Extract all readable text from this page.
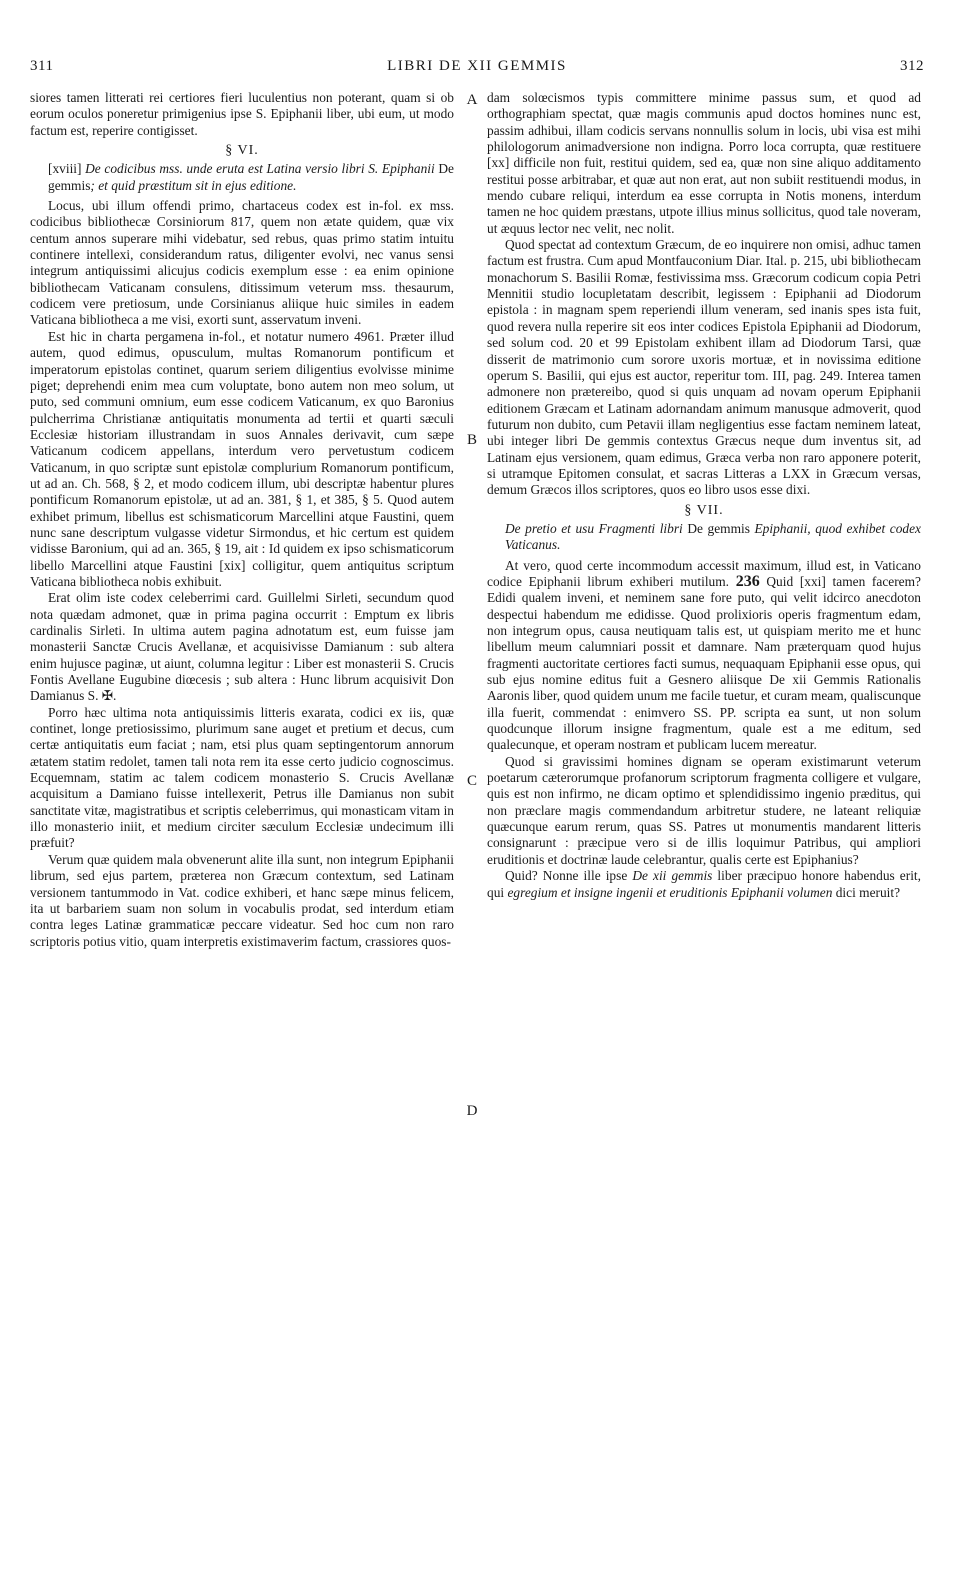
311	LIBRI DE XII GEMMIS	312

siores tamen litterati rei certiores fieri luculentius non poterant, quam si ob eorum oculos poneretur primigenius ipse S. Epiphanii liber, ubi eum, ut modo factum est, reperire contigisset.

§ VI.

[xviii] De codicibus mss. unde eruta est Latina versio libri S. Epiphanii De gemmis; et quid præstitum sit in ejus editione.

Locus, ubi illum offendi primo, chartaceus codex est in-fol. ex mss. codicibus bibliothecæ Corsiniorum 817, quem non ætate quidem, quæ vix centum annos superare mihi videbatur, sed rebus, quas primo statim intuitu continere intellexi, considerandum ratus, diligenter evolvi, nec vanus sensi integrum antiquissimi alicujus codicis exemplum esse : ea enim opinione bibliothecam Vaticanam consulens, ditissimum veterum mss. thesaurum, codicem vere pretiosum, unde Corsinianus aliique huic similes in eadem Vaticana bibliotheca a me visi, exorti sunt, asservatum inveni.

Est hic in charta pergamena in-fol., et notatur numero 4961. Præter illud autem, quod edimus, opusculum, multas Romanorum pontificum et imperatorum epistolas continet, quarum seriem diligentius evolvisse minime piget; deprehendi enim mea cum voluptate, bono autem non meo solum, ut puto, sed communi omnium, eum esse codicem Vaticanum, ex quo Baronius pulcherrima Christianæ antiquitatis monumenta ad tertii et quarti sæculi Ecclesiæ historiam illustrandam in suos Annales derivavit, cum sæpe Vaticanum codicem appellans, interdum vero pervetustum codicem Vaticanum, in quo scriptæ sunt epistolæ complurium Romanorum pontificum, ut ad an. Ch. 568, § 2, et modo codicem illum, ubi descriptæ habentur plures pontificum Romanorum epistolæ, ut ad an. 381, § 1, et 385, § 5. Quod autem exhibet primum, libellus est schismaticorum Marcellini atque Faustini, quem nunc sane descriptum vulgasse videtur Sirmondus, et hic certum est quidem vidisse Baronium, qui ad an. 365, § 19, ait : Id quidem ex ipso schismaticorum libello Marcellini atque Faustini [xix] colligitur, quem antiquitus scriptum Vaticana bibliotheca nobis exhibuit.

Erat olim iste codex celeberrimi card. Guillelmi Sirleti, secundum quod nota quædam admonet, quæ in prima pagina occurrit : Emptum ex libris cardinalis Sirleti. In ultima autem pagina adnotatum est, eum fuisse jam monasterii Sanctæ Crucis Avellanæ, et acquisivisse Damianum : sub altera enim hujusce paginæ, ut aiunt, columna legitur : Liber est monasterii S. Crucis Fontis Avellane Eugubine diœcesis ; sub altera : Hunc librum acquisivit Don Damianus S. ✠.

Porro hæc ultima nota antiquissimis litteris exarata, codici ex iis, quæ continet, longe pretiosissimo, plurimum sane auget et pretium et decus, cum certæ antiquitatis eum faciat ; nam, etsi plus quam septingentorum annorum ætatem statim redolet, tamen tali nota rem ita esse certo judicio cognoscimus. Ecquemnam, statim ac talem codicem monasterio S. Crucis Avellanæ acquisitum a Damiano fuisse intellexerit, Petrus ille Damianus non subit sanctitate vitæ, magistratibus et scriptis celeberrimus, qui monasticam vitam in illo monasterio iniit, et medium circiter sæculum Ecclesiæ undecimum illi præfuit?

Verum quæ quidem mala obvenerunt alite illa sunt, non integrum Epiphanii librum, sed ejus partem, præterea non Græcum contextum, sed Latinam versionem tantummodo in Vat. codice exhiberi, et hanc sæpe minus felicem, ita ut barbariem suam non solum in vocabulis prodat, sed interdum etiam contra leges Latinæ grammaticæ peccare videatur. Sed hoc cum non raro scriptoris potius vitio, quam interpretis existimaverim factum, crassiores quos-

A
B
C
D

dam solœcismos typis committere minime passus sum, et quod ad orthographiam spectat, quæ magis communis apud doctos homines nunc est, passim adhibui, illam codicis servans nonnullis solum in locis, ubi visa est mihi philologorum animadversione non indigna. Porro loca corrupta, quæ restituere [xx] difficile non fuit, restitui quidem, sed ea, quæ non sine aliquo additamento restitui posse arbitrabar, et quæ aut non erat, aut non subiit restituendi modus, in mendo cubare reliqui, interdum ea esse corrupta in Notis monens, interdum tamen ne hoc quidem præstans, utpote illius minus sollicitus, quod tale noveram, ut æquus lector nec velit, nec nolit.

Quod spectat ad contextum Græcum, de eo inquirere non omisi, adhuc tamen factum est frustra. Cum apud Montfauconium Diar. Ital. p. 215, ubi bibliothecam monachorum S. Basilii Romæ, festivissima mss. Græcorum codicum copia Petri Mennitii studio locupletatam describit, legissem : Epiphanii ad Diodorum epistola : in magnam spem reperiendi illum veneram, sed inanis spes ista fuit, quod revera nulla reperire sit eos inter codices Epistola Epiphanii ad Diodorum, sed solum cod. 20 et 99 Epistolam exhibent illam ad Diodorum Tarsi, quæ disserit de matrimonio cum sorore uxoris mortuæ, et in novissima editione operum S. Basilii, qui ejus est auctor, reperitur tom. III, pag. 249. Interea tamen admonere non prætereibo, quod si quis unquam ad novam operum Epiphanii editionem Græcam et Latinam adornandam animum manusque admoverit, quod futurum non dubito, cum Petavii illam negligentius esse factam neminem lateat, ubi integer libri De gemmis contextus Græcus neque dum inventus sit, ad Latinam ejus versionem, quam edimus, Græca verba non raro apponere poterit, si utramque Epitomen consulat, et sacras Litteras a LXX in Græcum versas, demum Græcos illos scriptores, quos eo libro usos esse dixi.

§ VII.

De pretio et usu Fragmenti libri De gemmis Epiphanii, quod exhibet codex Vaticanus.

At vero, quod certe incommodum accessit maximum, illud est, in Vaticano codice Epiphanii librum exhiberi mutilum. 236 Quid [xxi] tamen facerem? Edidi qualem inveni, et neminem sane fore puto, qui velit idcirco anecdoton despectui habendum me edidisse. Quod prolixioris operis fragmentum edam, non integrum opus, causa neutiquam talis est, ut quispiam merito me et hunc libellum meum calumniari possit et damnare. Nam præterquam quod hujus fragmenti auctoritate certiores facti sumus, nequaquam Epiphanii esse opus, qui sub ejus nomine editus fuit a Gesnero aliisque De xii Gemmis Rationalis Aaronis liber, quod quidem unum me facile tuetur, et curam meam, qualiscunque illa fuerit, commendat : enimvero SS. PP. scripta ea sunt, ut non solum quodcunque illorum insigne fragmentum, quale est a me editum, sed qualecunque, et operam nostram et publicam lucem mereatur.

Quod si gravissimi homines dignam se operam existimarunt veterum poetarum cæterorumque profanorum scriptorum fragmenta colligere et vulgare, quis est non infirmo, ne dicam optimo et splendidissimo ingenio præditus, qui non præclare magis commendandum arbitretur studere, ne lateant reliquiæ quæcunque earum rerum, quas SS. Patres ut monumentis mandarent litteris consignarunt : præcipue vero si de illis loquimur Patribus, qui ampliori eruditionis et doctrinæ laude celebrantur, qualis certe est Epiphanius?

Quid? Nonne ille ipse De xii gemmis liber præcipuo honore habendus erit, qui egregium et insigne ingenii et eruditionis Epiphanii volumen dici meruit?
